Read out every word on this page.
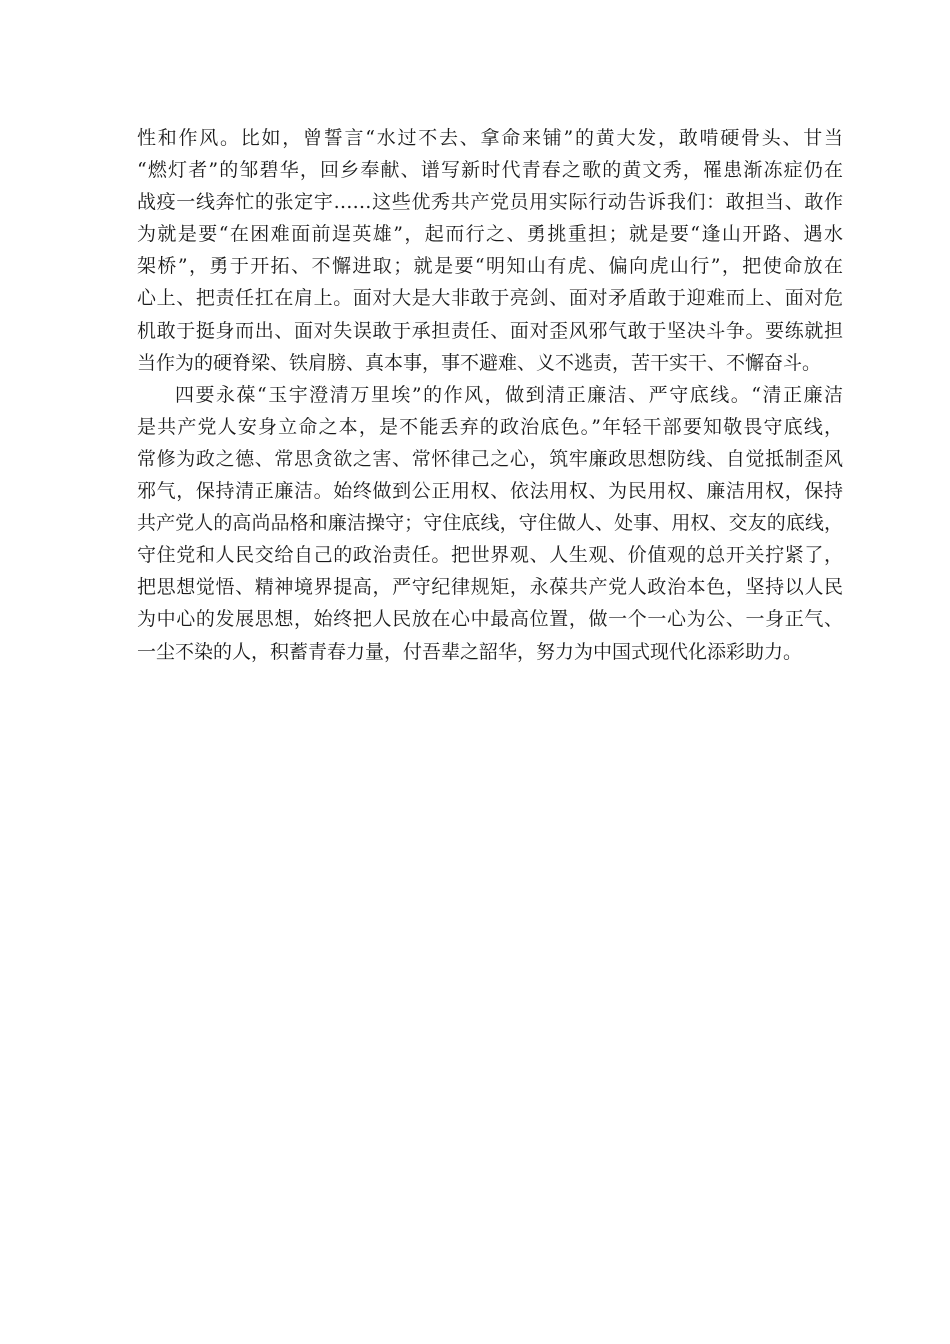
性和作风。比如，曾誓言“水过不去、拿命来铺”的黄大发，敢啃硬骨头、甘当
“燃灯者”的邹碧华，回乡奉献、谱写新时代青春之歌的黄文秀，罹患渐冻症仍在
战疫一线奔忙的张定宇……这些优秀共产党员用实际行动告诉我们：敢担当、敢作
为就是要“在困难面前逞英雄”，起而行之、勇挑重担；就是要“逢山开路、遇水
架桥”，勇于开拓、不懈进取；就是要“明知山有虎、偏向虎山行”，把使命放在
心上、把责任扛在肩上。面对大是大非敢于亮剑、面对矛盾敢于迎难而上、面对危
机敢于挺身而出、面对失误敢于承担责任、面对歪风邪气敢于坚决斗争。要练就担
当作为的硬脊梁、铁肩膀、真本事，事不避难、义不逃责，苦干实干、不懈奋斗。
四要永葆“玉宇澄清万里埃”的作风，做到清正廉洁、严守底线。“清正廉洁
是共产党人安身立命之本，是不能丢弃的政治底色。”年轻干部要知敬畏守底线，
常修为政之德、常思贪欲之害、常怀律己之心，筑牢廉政思想防线、自觉抵制歪风
邪气，保持清正廉洁。始终做到公正用权、依法用权、为民用权、廉洁用权，保持
共产党人的高尚品格和廉洁操守；守住底线，守住做人、处事、用权、交友的底线，
守住党和人民交给自己的政治责任。把世界观、人生观、价值观的总开关拧紧了，
把思想觉悟、精神境界提高，严守纪律规矩，永葆共产党人政治本色，坚持以人民
为中心的发展思想，始终把人民放在心中最高位置，做一个一心为公、一身正气、
一尘不染的人，积蓄青春力量，付吾辈之韶华，努力为中国式现代化添彩助力。
